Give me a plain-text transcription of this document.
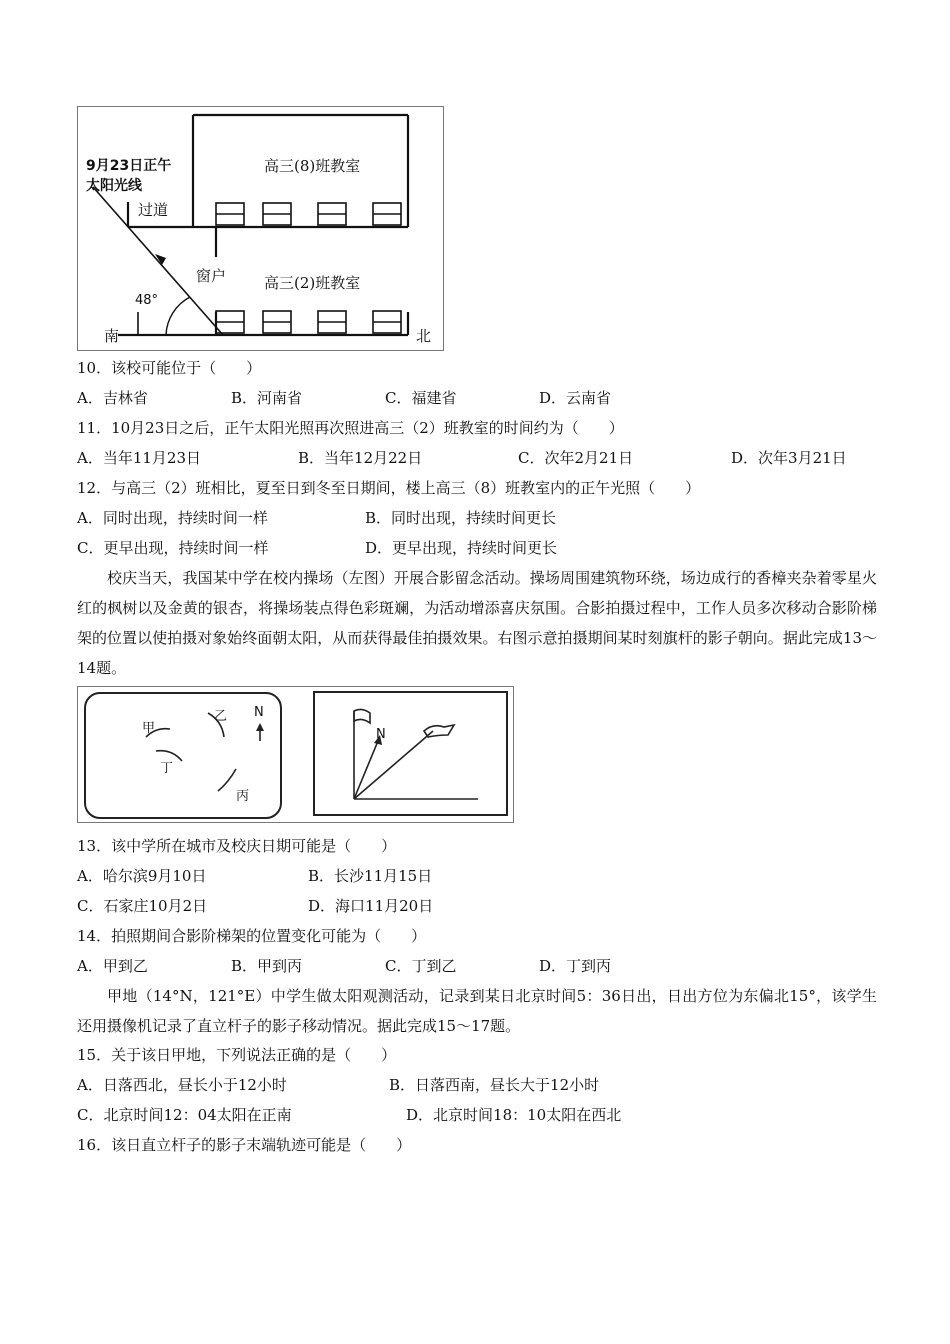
9月23日正午
太阳光线
高三(8)班教室
过道
窗户	高三(2)班教室
48°
南	北
10．该校可能位于（　　）
A．吉林省	B．河南省	C．福建省	D．云南省
11．10月23日之后，正午太阳光照再次照进高三（2）班教室的时间约为（　　）
A．当年11月23日	B．当年12月22日	C．次年2月21日	D．次年3月21日
12．与高三（2）班相比，夏至日到冬至日期间，楼上高三（8）班教室内的正午光照（　　）
A．同时出现，持续时间一样	B．同时出现，持续时间更长
C．更早出现，持续时间一样	D．更早出现，持续时间更长
校庆当天，我国某中学在校内操场（左图）开展合影留念活动。操场周围建筑物环绕，场边成行的香樟夹杂着零星火红的枫树以及金黄的银杏，将操场装点得色彩斑斓，为活动增添喜庆氛围。合影拍摄过程中，工作人员多次移动合影阶梯架的位置以使拍摄对象始终面朝太阳，从而获得最佳拍摄效果。右图示意拍摄期间某时刻旗杆的影子朝向。据此完成13～14题。
甲
乙
丁
丙
N
N
13．该中学所在城市及校庆日期可能是（　　）
A．哈尔滨9月10日	B．长沙11月15日
C．石家庄10月2日	D．海口11月20日
14．拍照期间合影阶梯架的位置变化可能为（　　）
A．甲到乙	B．甲到丙	C．丁到乙	D．丁到丙
甲地（14°N，121°E）中学生做太阳观测活动，记录到某日北京时间5：36日出，日出方位为东偏北15°，该学生还用摄像机记录了直立杆子的影子移动情况。据此完成15～17题。
15．关于该日甲地，下列说法正确的是（　　）
A．日落西北，昼长小于12小时	B．日落西南，昼长大于12小时
C．北京时间12：04太阳在正南	D．北京时间18：10太阳在西北
16．该日直立杆子的影子末端轨迹可能是（　　）
